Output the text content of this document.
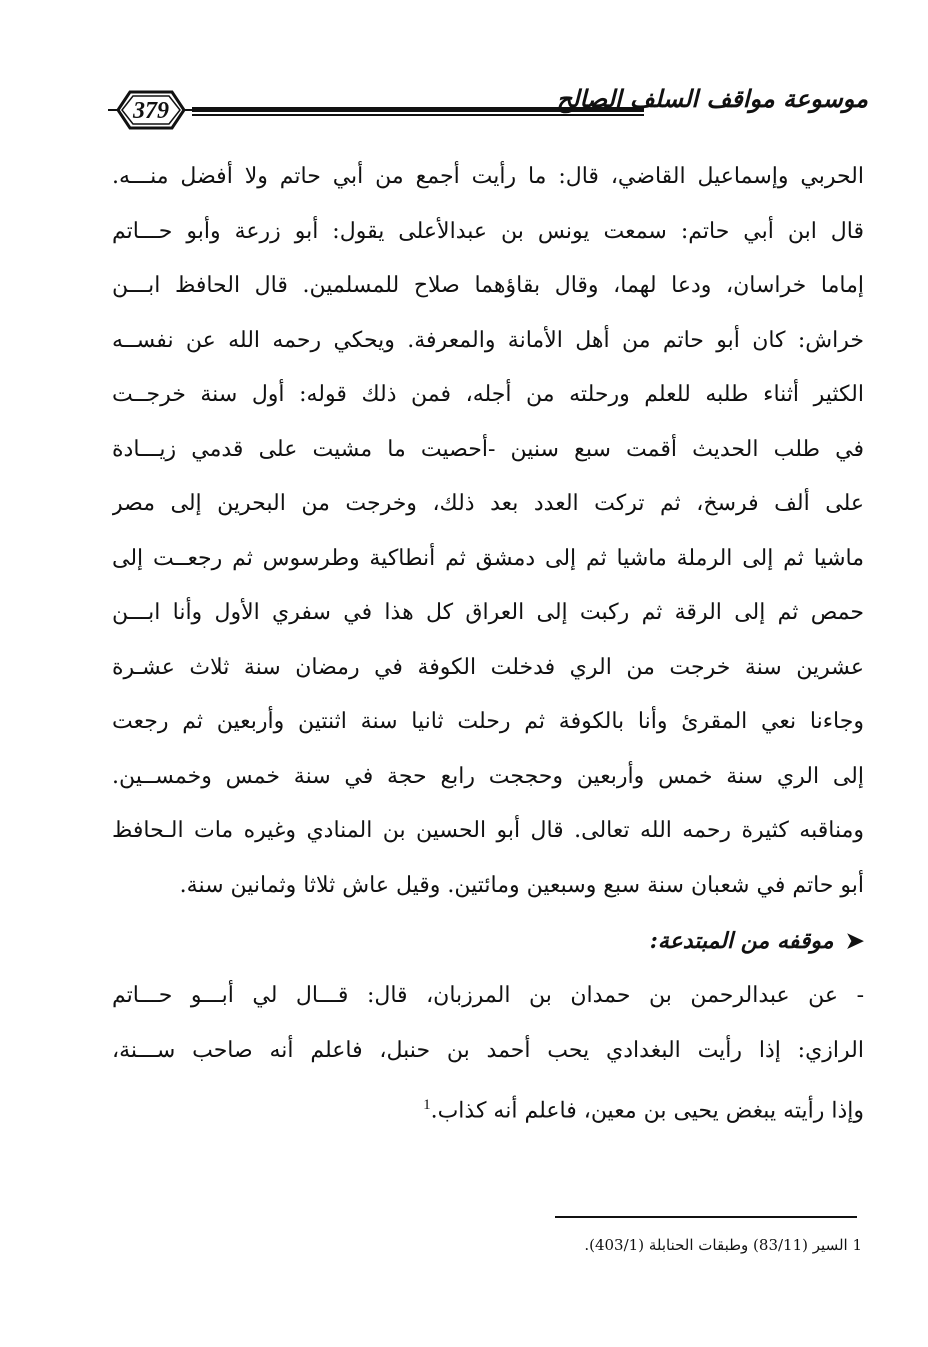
379	موسوعة مواقف السلف الصالح
الحربي وإسماعيل القاضي، قال: ما رأيت أجمع من أبي حاتم ولا أفضل منـــه.
قال ابن أبي حاتم: سمعت يونس بن عبدالأعلى يقول: أبو زرعة وأبو حـــاتم
إماما خراسان، ودعا لهما، وقال بقاؤهما صلاح للمسلمين. قال الحافظ ابـــن
خراش: كان أبو حاتم من أهل الأمانة والمعرفة. ويحكي رحمه الله عن نفســه
الكثير أثناء طلبه للعلم ورحلته من أجله، فمن ذلك قوله: أول سنة خرجــت
في طلب الحديث أقمت سبع سنين -أحصيت ما مشيت على قدمي زيـــادة
على ألف فرسخ، ثم تركت العدد بعد ذلك، وخرجت من البحرين إلى مصر
ماشيا ثم إلى الرملة ماشيا ثم إلى دمشق ثم أنطاكية وطرسوس ثم رجعــت إلى
حمص ثم إلى الرقة ثم ركبت إلى العراق كل هذا في سفري الأول وأنا ابـــن
عشرين سنة خرجت من الري فدخلت الكوفة في رمضان سنة ثلاث عشـرة
وجاءنا نعي المقرئ وأنا بالكوفة ثم رحلت ثانيا سنة اثنتين وأربعين ثم رجعت
إلى الري سنة خمس وأربعين وحججت رابع حجة في سنة خمس وخمســين.
ومناقبه كثيرة رحمه الله تعالى. قال أبو الحسين بن المنادي وغيره مات الـحافظ
أبو حاتم في شعبان سنة سبع وسبعين ومائتين. وقيل عاش ثلاثا وثمانين سنة.
➤موقفه من المبتدعة:
- عن عبدالرحمن بن حمدان بن المرزبان، قال: قـــال لي أبـــو حـــاتم
الرازي: إذا رأيت البغدادي يحب أحمد بن حنبل، فاعلم أنه صاحب ســـنة،
وإذا رأيته يبغض يحيى بن معين، فاعلم أنه كذاب.$^1$
1 السير (83/11) وطبقات الحنابلة (403/1).
